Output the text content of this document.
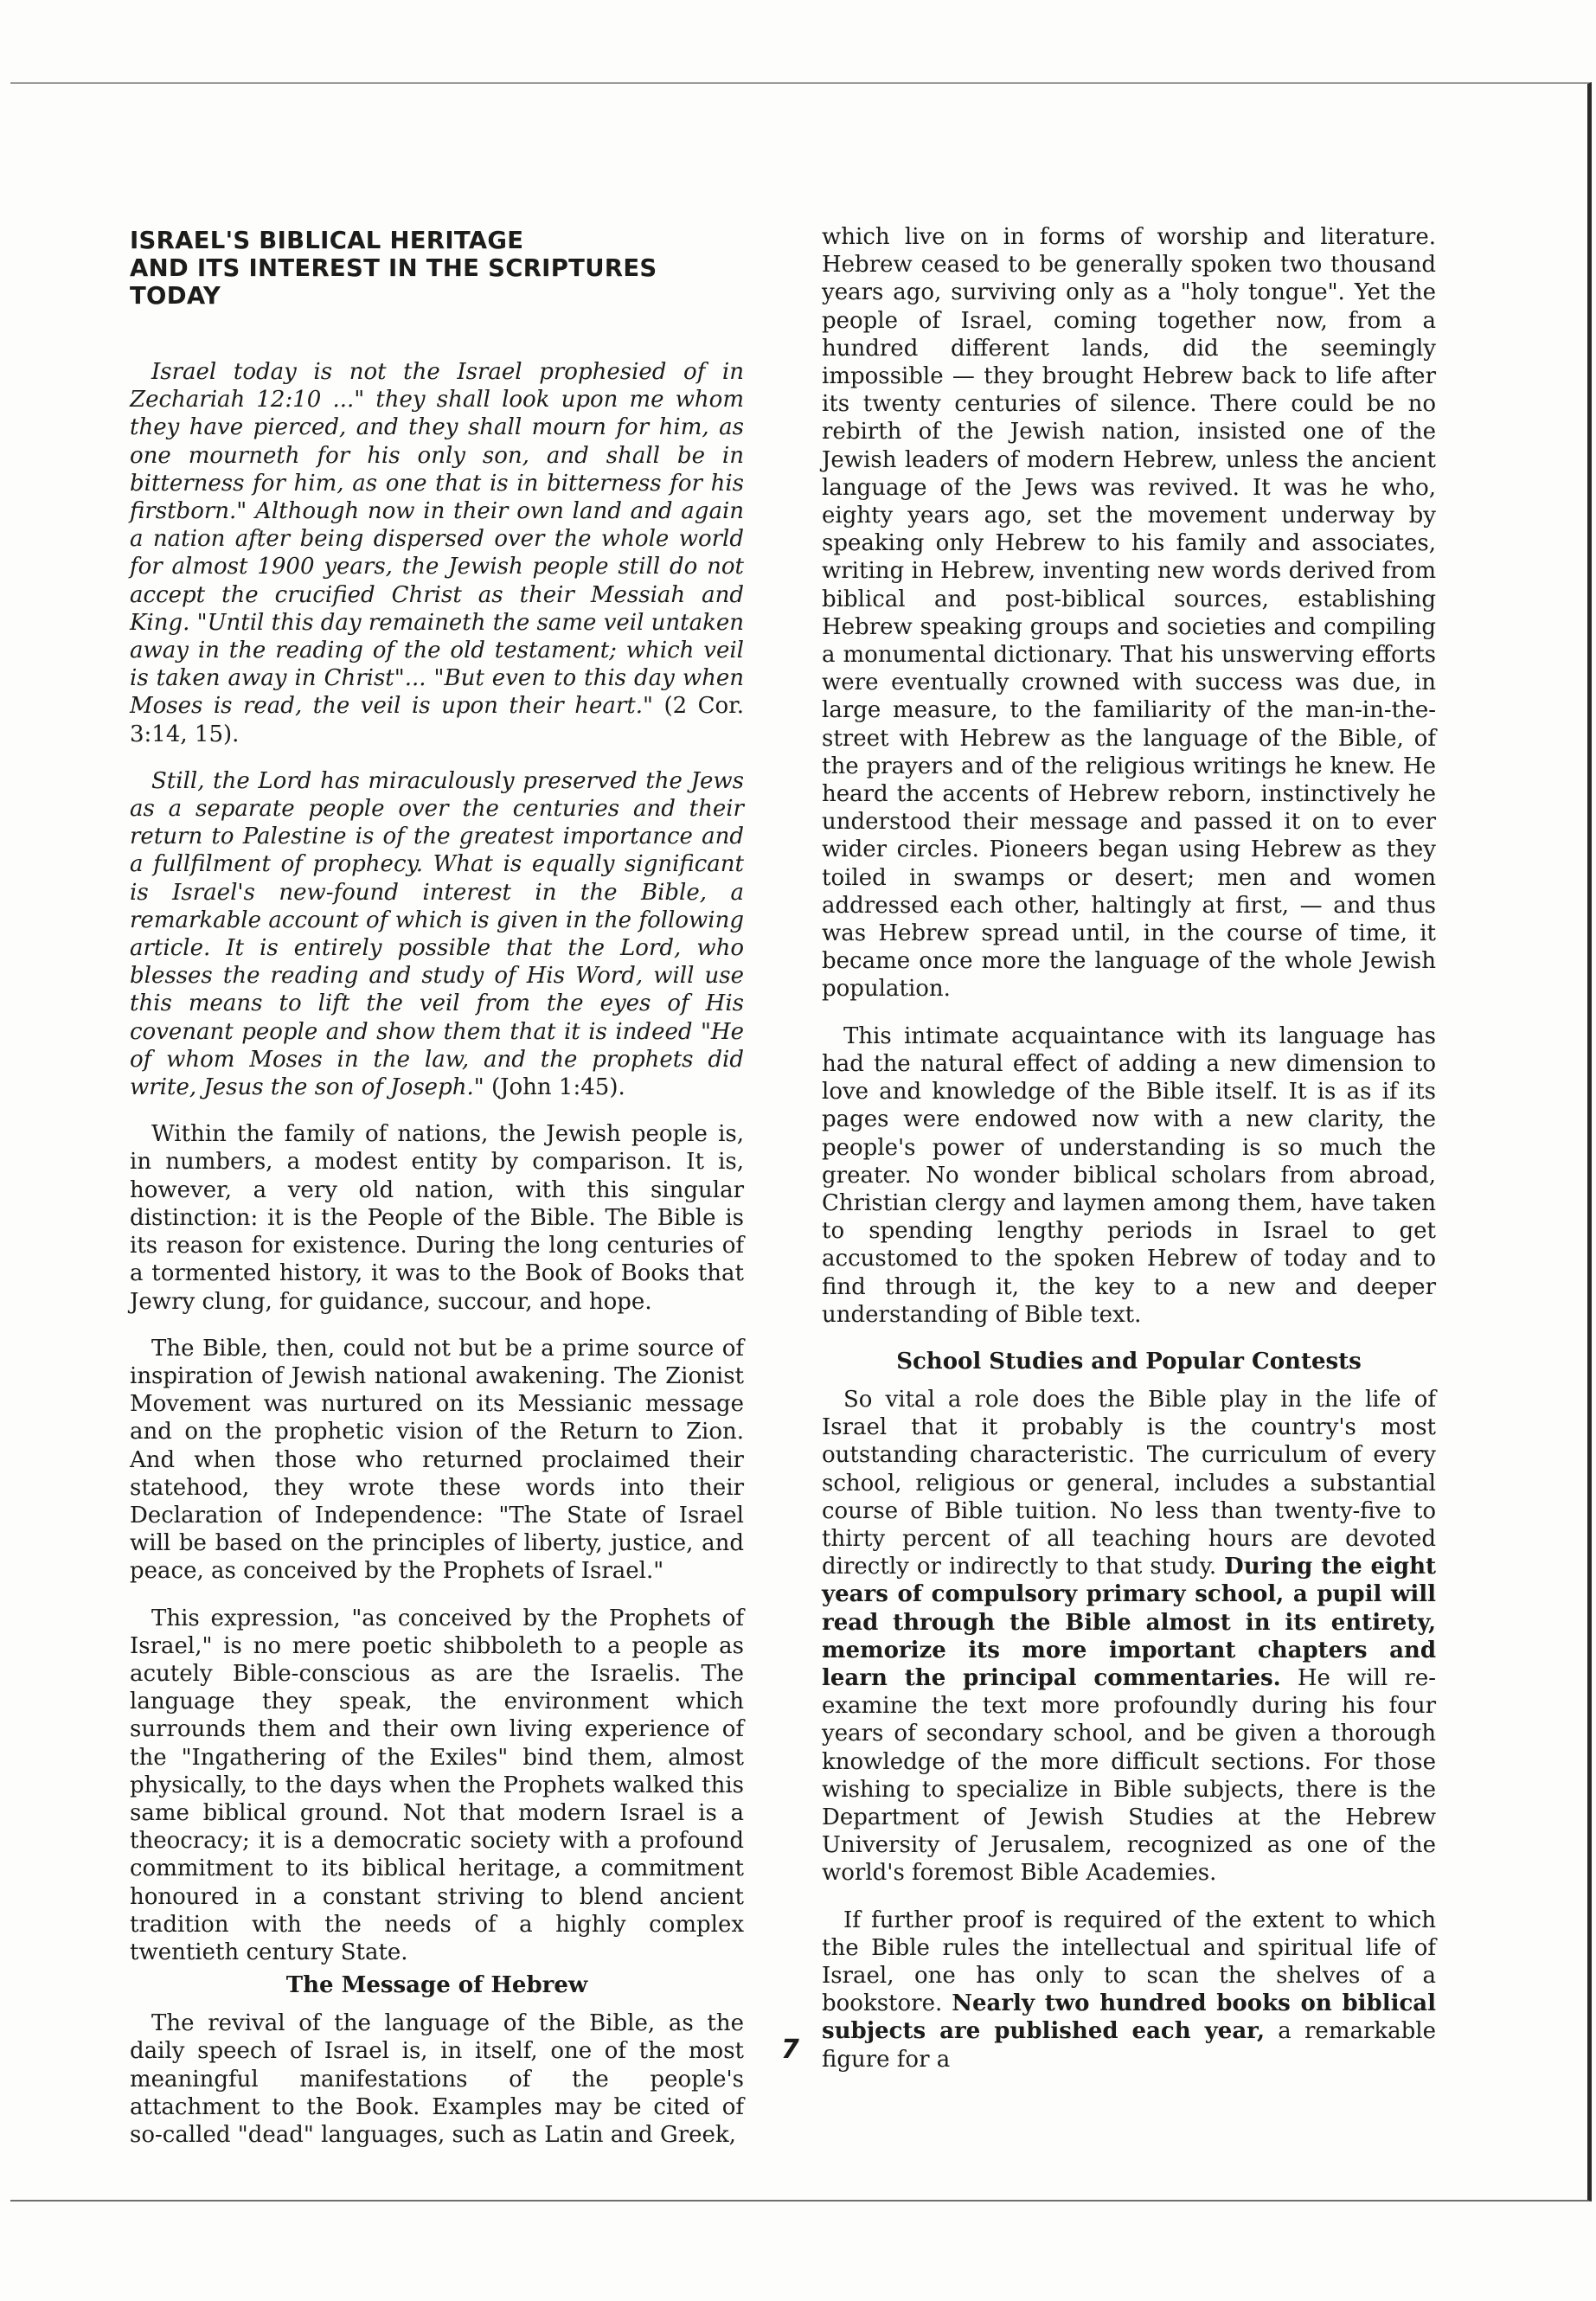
ISRAEL'S BIBLICAL HERITAGE
AND ITS INTEREST IN THE SCRIPTURES TODAY

Israel today is not the Israel prophesied of in Zechariah 12:10 ..." they shall look upon me whom they have pierced, and they shall mourn for him, as one mourneth for his only son, and shall be in bitterness for him, as one that is in bitterness for his firstborn." Although now in their own land and again a nation after being dispersed over the whole world for almost 1900 years, the Jewish people still do not accept the crucified Christ as their Messiah and King. "Until this day remaineth the same veil untaken away in the reading of the old testament; which veil is taken away in Christ"... "But even to this day when Moses is read, the veil is upon their heart." (2 Cor. 3:14, 15).

Still, the Lord has miraculously preserved the Jews as a separate people over the centuries and their return to Palestine is of the greatest importance and a fullfilment of prophecy. What is equally significant is Israel's new-found interest in the Bible, a remarkable account of which is given in the following article. It is entirely possible that the Lord, who blesses the reading and study of His Word, will use this means to lift the veil from the eyes of His covenant people and show them that it is indeed "He of whom Moses in the law, and the prophets did write, Jesus the son of Joseph." (John 1:45).

Within the family of nations, the Jewish people is, in numbers, a modest entity by comparison. It is, however, a very old nation, with this singular distinction: it is the People of the Bible. The Bible is its reason for existence. During the long centuries of a tormented history, it was to the Book of Books that Jewry clung, for guidance, succour, and hope.

The Bible, then, could not but be a prime source of inspiration of Jewish national awakening. The Zionist Movement was nurtured on its Messianic message and on the prophetic vision of the Return to Zion. And when those who returned proclaimed their statehood, they wrote these words into their Declaration of Independence: "The State of Israel will be based on the principles of liberty, justice, and peace, as conceived by the Prophets of Israel."

This expression, "as conceived by the Prophets of Israel," is no mere poetic shibboleth to a people as acutely Bible-conscious as are the Israelis. The language they speak, the environment which surrounds them and their own living experience of the "Ingathering of the Exiles" bind them, almost physically, to the days when the Prophets walked this same biblical ground. Not that modern Israel is a theocracy; it is a democratic society with a profound commitment to its biblical heritage, a commitment honoured in a constant striving to blend ancient tradition with the needs of a highly complex twentieth century State.

The Message of Hebrew

The revival of the language of the Bible, as the daily speech of Israel is, in itself, one of the most meaningful manifestations of the people's attachment to the Book. Examples may be cited of so-called "dead" languages, such as Latin and Greek,

which live on in forms of worship and literature. Hebrew ceased to be generally spoken two thousand years ago, surviving only as a "holy tongue". Yet the people of Israel, coming together now, from a hundred different lands, did the seemingly impossible — they brought Hebrew back to life after its twenty centuries of silence. There could be no rebirth of the Jewish nation, insisted one of the Jewish leaders of modern Hebrew, unless the ancient language of the Jews was revived. It was he who, eighty years ago, set the movement underway by speaking only Hebrew to his family and associates, writing in Hebrew, inventing new words derived from biblical and post-biblical sources, establishing Hebrew speaking groups and societies and compiling a monumental dictionary. That his unswerving efforts were eventually crowned with success was due, in large measure, to the familiarity of the man-in-the-street with Hebrew as the language of the Bible, of the prayers and of the religious writings he knew. He heard the accents of Hebrew reborn, instinctively he understood their message and passed it on to ever wider circles. Pioneers began using Hebrew as they toiled in swamps or desert; men and women addressed each other, haltingly at first, — and thus was Hebrew spread until, in the course of time, it became once more the language of the whole Jewish population.

This intimate acquaintance with its language has had the natural effect of adding a new dimension to love and knowledge of the Bible itself. It is as if its pages were endowed now with a new clarity, the people's power of understanding is so much the greater. No wonder biblical scholars from abroad, Christian clergy and laymen among them, have taken to spending lengthy periods in Israel to get accustomed to the spoken Hebrew of today and to find through it, the key to a new and deeper understanding of Bible text.

School Studies and Popular Contests

So vital a role does the Bible play in the life of Israel that it probably is the country's most outstanding characteristic. The curriculum of every school, religious or general, includes a substantial course of Bible tuition. No less than twenty-five to thirty percent of all teaching hours are devoted directly or indirectly to that study. During the eight years of compulsory primary school, a pupil will read through the Bible almost in its entirety, memorize its more important chapters and learn the principal commentaries. He will re-examine the text more profoundly during his four years of secondary school, and be given a thorough knowledge of the more difficult sections. For those wishing to specialize in Bible subjects, there is the Department of Jewish Studies at the Hebrew University of Jerusalem, recognized as one of the world's foremost Bible Academies.

If further proof is required of the extent to which the Bible rules the intellectual and spiritual life of Israel, one has only to scan the shelves of a bookstore. Nearly two hundred books on biblical subjects are published each year, a remarkable figure for a

7
